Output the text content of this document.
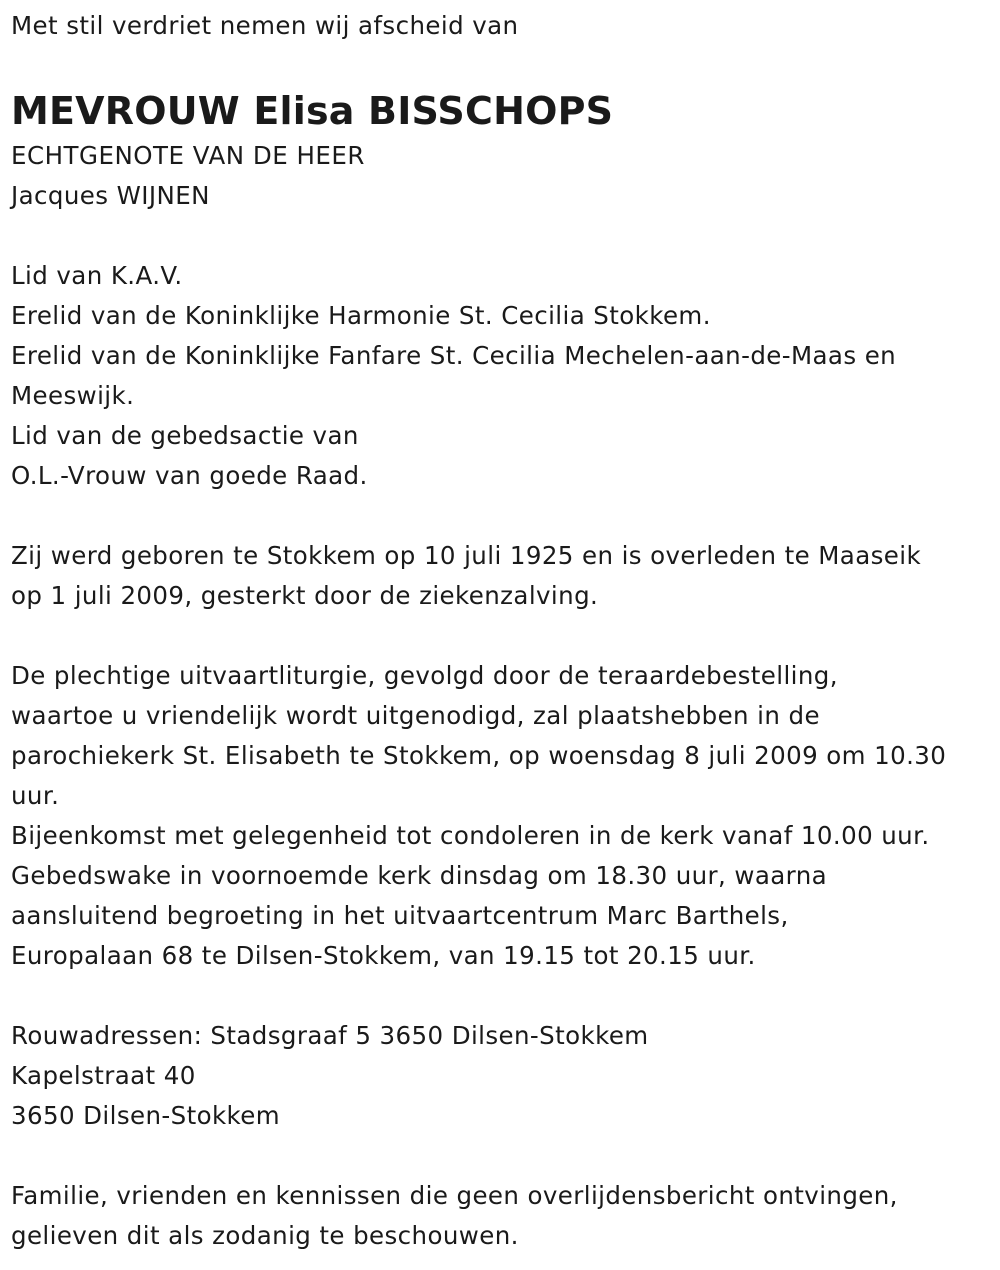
Met stil verdriet nemen wij afscheid van
MEVROUW Elisa BISSCHOPS
ECHTGENOTE VAN DE HEER
Jacques WIJNEN
Lid van K.A.V.
Erelid van de Koninklijke Harmonie St. Cecilia Stokkem.
Erelid van de Koninklijke Fanfare St. Cecilia Mechelen-aan-de-Maas en
Meeswijk.
Lid van de gebedsactie van
O.L.-Vrouw van goede Raad.
Zij werd geboren te Stokkem op 10 juli 1925 en is overleden te Maaseik
op 1 juli 2009, gesterkt door de ziekenzalving.
De plechtige uitvaartliturgie, gevolgd door de teraardebestelling,
waartoe u vriendelijk wordt uitgenodigd, zal plaatshebben in de
parochiekerk St. Elisabeth te Stokkem, op woensdag 8 juli 2009 om 10.30
uur.
Bijeenkomst met gelegenheid tot condoleren in de kerk vanaf 10.00 uur.
Gebedswake in voornoemde kerk dinsdag om 18.30 uur, waarna
aansluitend begroeting in het uitvaartcentrum Marc Barthels,
Europalaan 68 te Dilsen-Stokkem, van 19.15 tot 20.15 uur.
Rouwadressen: Stadsgraaf 5 3650 Dilsen-Stokkem
Kapelstraat 40
3650 Dilsen-Stokkem
Familie, vrienden en kennissen die geen overlijdensbericht ontvingen,
gelieven dit als zodanig te beschouwen.
